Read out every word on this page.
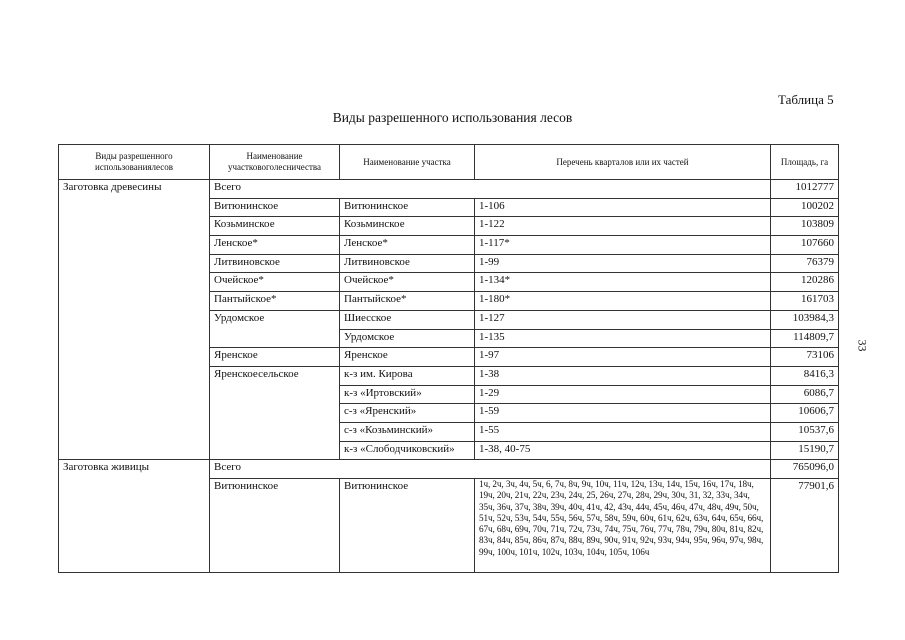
Таблица 5
Виды разрешенного использования лесов
33
Виды разрешенного использованиялесов	Наименование участковоголесничества	Наименование участка	Перечень кварталов или их частей	Площадь, га
Заготовка древесины	Всего			1012777
	Витюнинское	Витюнинское	1-106	100202
	Козьминское	Козьминское	1-122	103809
	Ленское*	Ленское*	1-117*	107660
	Литвиновское	Литвиновское	1-99	76379
	Очейское*	Очейское*	1-134*	120286
	Пантыйское*	Пантыйское*	1-180*	161703
	Урдомское	Шиесское	1-127	103984,3
		Урдомское	1-135	114809,7
	Яренское	Яренское	1-97	73106
	Яренскоесельское	к-з им. Кирова	1-38	8416,3
		к-з «Иртовский»	1-29	6086,7
		с-з «Яренский»	1-59	10606,7
		с-з «Козьминский»	1-55	10537,6
		к-з «Слободчиковский»	1-38, 40-75	15190,7
Заготовка живицы	Всего			765096,0
	Витюнинское	Витюнинское	1ч, 2ч, 3ч, 4ч, 5ч, 6, 7ч, 8ч, 9ч, 10ч, 11ч, 12ч, 13ч, 14ч, 15ч, 16ч, 17ч, 18ч, 19ч, 20ч, 21ч, 22ч, 23ч, 24ч, 25, 26ч, 27ч, 28ч, 29ч, 30ч, 31, 32, 33ч, 34ч, 35ч, 36ч, 37ч, 38ч, 39ч, 40ч, 41ч, 42, 43ч, 44ч, 45ч, 46ч, 47ч, 48ч, 49ч, 50ч, 51ч, 52ч, 53ч, 54ч, 55ч, 56ч, 57ч, 58ч, 59ч, 60ч, 61ч, 62ч, 63ч, 64ч, 65ч, 66ч, 67ч, 68ч, 69ч, 70ч, 71ч, 72ч, 73ч, 74ч, 75ч, 76ч, 77ч, 78ч, 79ч, 80ч, 81ч, 82ч, 83ч, 84ч, 85ч, 86ч, 87ч, 88ч, 89ч, 90ч, 91ч, 92ч, 93ч, 94ч, 95ч, 96ч, 97ч, 98ч, 99ч, 100ч, 101ч, 102ч, 103ч, 104ч, 105ч, 106ч	77901,6
